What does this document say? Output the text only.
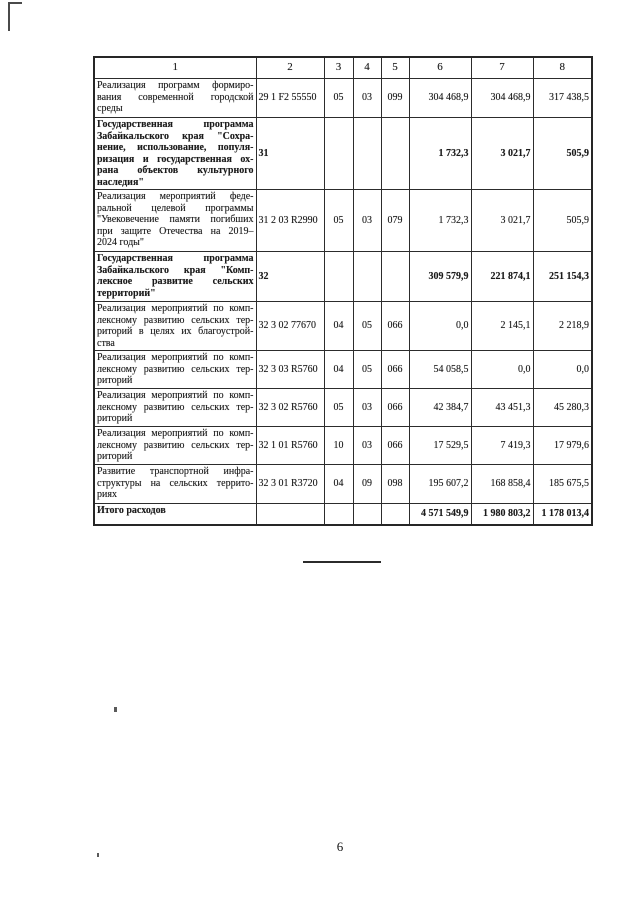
1	2	3	4	5	6	7	8

Реализация программ формиро-
вания современной городской
среды	29 1 F2 55550	05	03	099	304 468,9	304 468,9	317 438,5

Государственная программа
Забайкальского края "Сохра-
нение, использование, популя-
ризация и государственная ох-
рана объектов культурного
наследия"
	31				1 732,3	3 021,7	505,9

Реализация мероприятий феде-
ральной целевой программы
"Увековечение памяти погибших
при защите Отечества на 2019–
2024 годы"	31 2 03 R2990	05	03	079	1 732,3	3 021,7	505,9

Государственная программа
Забайкальского края "Комп-
лексное развитие сельских
территорий"	32				309 579,9	221 874,1	251 154,3

Реализация мероприятий по комп-
лексному развитию сельских тер-
риторий в целях их благоустрой-
ства	32 3 02 77670	04	05	066	0,0	2 145,1	2 218,9

Реализация мероприятий по комп-
лексному развитию сельских тер-
риторий	32 3 03 R5760	04	05	066	54 058,5	0,0	0,0

Реализация мероприятий по комп-
лексному развитию сельских тер-
риторий	32 3 02 R5760	05	03	066	42 384,7	43 451,3	45 280,3

Реализация мероприятий по комп-
лексному развитию сельских тер-
риторий	32 1 01 R5760	10	03	066	17 529,5	7 419,3	17 979,6

Развитие транспортной инфра-
структуры на сельских террито-
риях	32 3 01 R3720	04	09	098	195 607,2	168 858,4	185 675,5

Итого расходов					4 571 549,9	1 980 803,2	1 178 013,4
6
